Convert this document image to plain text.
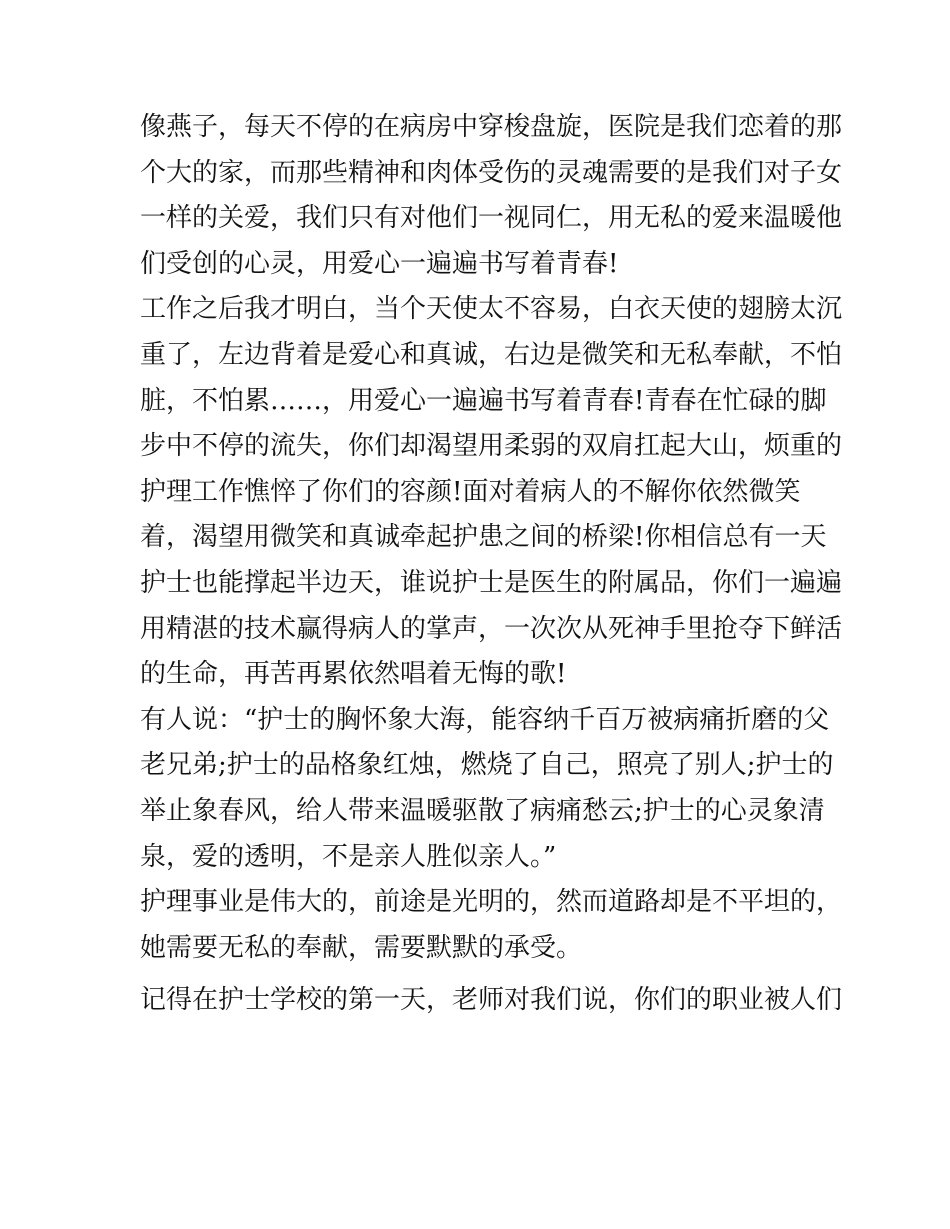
像燕子，每天不停的在病房中穿梭盘旋，医院是我们恋着的那
个大的家，而那些精神和肉体受伤的灵魂需要的是我们对子女
一样的关爱，我们只有对他们一视同仁，用无私的爱来温暖他
们受创的心灵，用爱心一遍遍书写着青春!
工作之后我才明白，当个天使太不容易，白衣天使的翅膀太沉
重了，左边背着是爱心和真诚，右边是微笑和无私奉献，不怕
脏，不怕累……，用爱心一遍遍书写着青春!青春在忙碌的脚
步中不停的流失，你们却渴望用柔弱的双肩扛起大山，烦重的
护理工作憔悴了你们的容颜!面对着病人的不解你依然微笑
着，渴望用微笑和真诚牵起护患之间的桥梁!你相信总有一天
护士也能撑起半边天，谁说护士是医生的附属品，你们一遍遍
用精湛的技术赢得病人的掌声，一次次从死神手里抢夺下鲜活
的生命，再苦再累依然唱着无悔的歌!
有人说：“护士的胸怀象大海，能容纳千百万被病痛折磨的父
老兄弟;护士的品格象红烛，燃烧了自己，照亮了别人;护士的
举止象春风，给人带来温暖驱散了病痛愁云;护士的心灵象清
泉，爱的透明，不是亲人胜似亲人。”
护理事业是伟大的，前途是光明的，然而道路却是不平坦的，
她需要无私的奉献，需要默默的承受。
记得在护士学校的第一天，老师对我们说，你们的职业被人们
